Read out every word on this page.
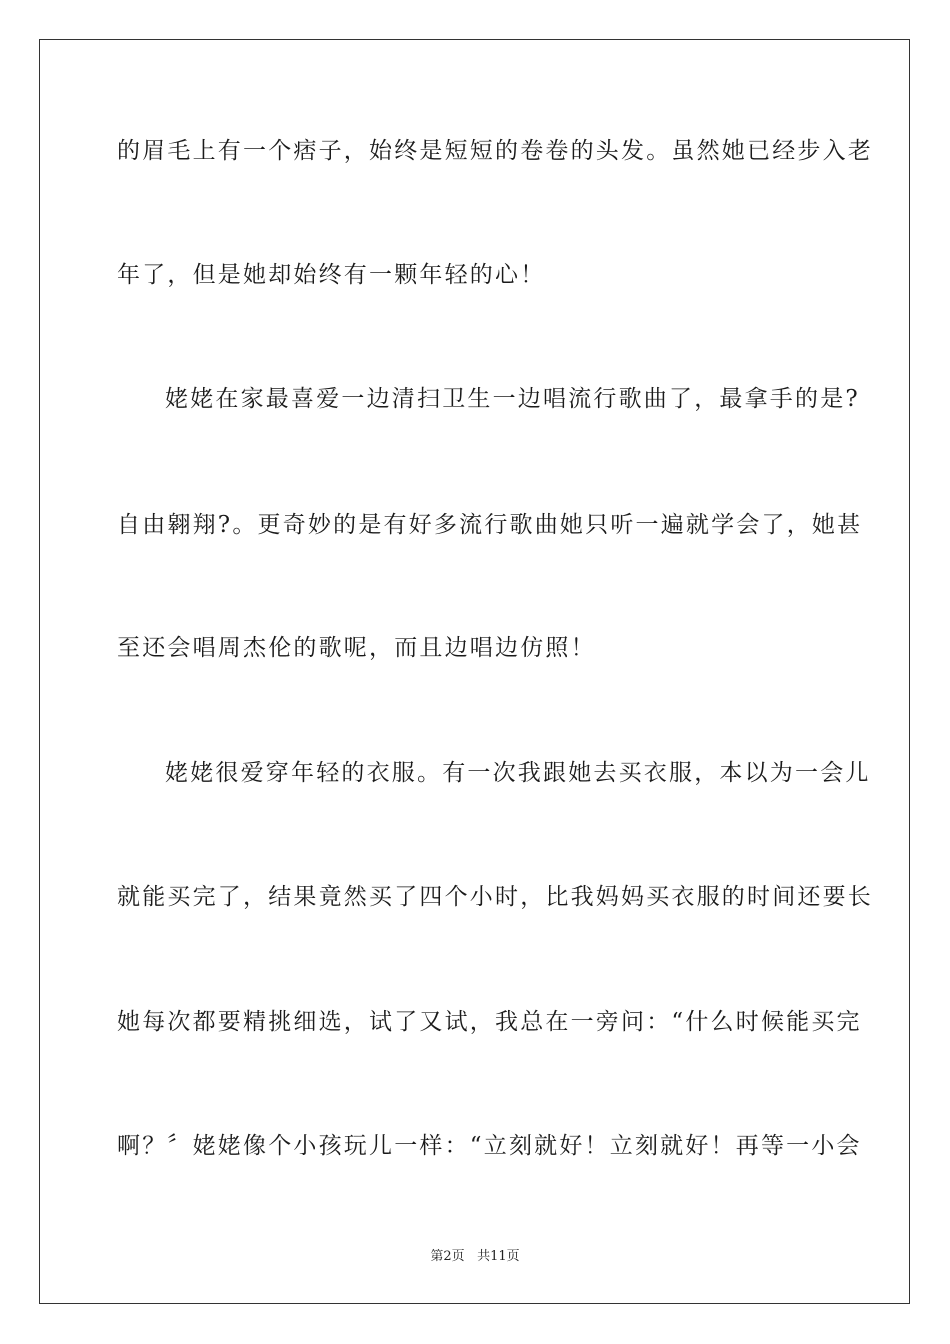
的眉毛上有一个痞子，始终是短短的卷卷的头发。虽然她已经步入老
年了，但是她却始终有一颗年轻的心！
姥姥在家最喜爱一边清扫卫生一边唱流行歌曲了，最拿手的是?
自由翱翔?。更奇妙的是有好多流行歌曲她只听一遍就学会了，她甚
至还会唱周杰伦的歌呢，而且边唱边仿照！
姥姥很爱穿年轻的衣服。有一次我跟她去买衣服，本以为一会儿
就能买完了，结果竟然买了四个小时，比我妈妈买衣服的时间还要长
她每次都要精挑细选，试了又试，我总在一旁问：“什么时候能买完
啊？〞姥姥像个小孩玩儿一样：“立刻就好！立刻就好！再等一小会
第2页 共11页
